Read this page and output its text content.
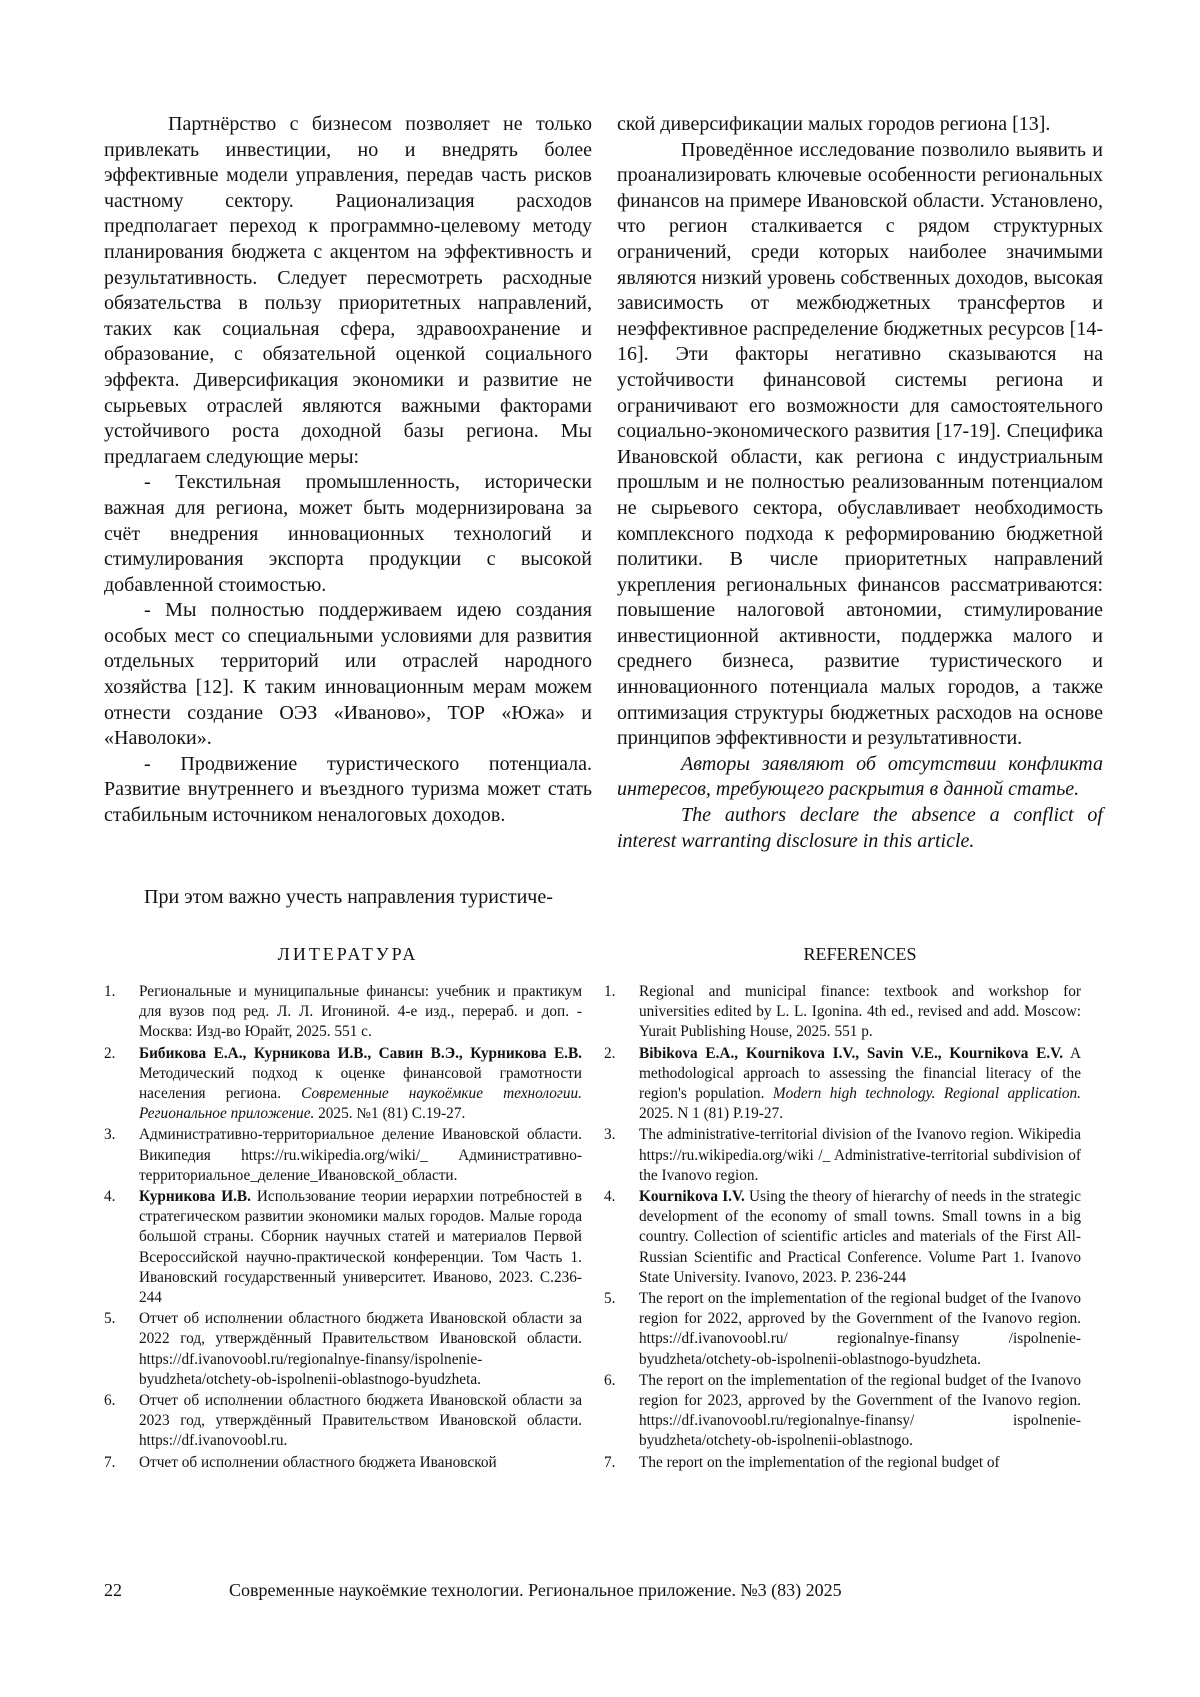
Партнёрство с бизнесом позволяет не только привлекать инвестиции, но и внедрять более эффективные модели управления, передав часть рисков частному сектору. Рационализация расходов предполагает переход к программно-целевому методу планирования бюджета с акцентом на эффективность и результативность. Следует пересмотреть расходные обязательства в пользу приоритетных направлений, таких как социальная сфера, здравоохранение и образование, с обязательной оценкой социального эффекта. Диверсификация экономики и развитие не сырьевых отраслей являются важными факторами устойчивого роста доходной базы региона. Мы предлагаем следующие меры:

- Текстильная промышленность, исторически важная для региона, может быть модернизирована за счёт внедрения инновационных технологий и стимулирования экспорта продукции с высокой добавленной стоимостью.

- Мы полностью поддерживаем идею создания особых мест со специальными условиями для развития отдельных территорий или отраслей народного хозяйства [12]. К таким инновационным мерам можем отнести создание ОЭЗ «Иваново», ТОР «Южа» и «Наволоки».

- Продвижение туристического потенциала. Развитие внутреннего и въездного туризма может стать стабильным источником неналоговых доходов.

При этом важно учесть направления туристиче-

ской диверсификации малых городов региона [13].

Проведённое исследование позволило выявить и проанализировать ключевые особенности региональных финансов на примере Ивановской области. Установлено, что регион сталкивается с рядом структурных ограничений, среди которых наиболее значимыми являются низкий уровень собственных доходов, высокая зависимость от межбюджетных трансфертов и неэффективное распределение бюджетных ресурсов [14-16]. Эти факторы негативно сказываются на устойчивости финансовой системы региона и ограничивают его возможности для самостоятельного социально-экономического развития [17-19]. Специфика Ивановской области, как региона с индустриальным прошлым и не полностью реализованным потенциалом не сырьевого сектора, обуславливает необходимость комплексного подхода к реформированию бюджетной политики. В числе приоритетных направлений укрепления региональных финансов рассматриваются: повышение налоговой автономии, стимулирование инвестиционной активности, поддержка малого и среднего бизнеса, развитие туристического и инновационного потенциала малых городов, а также оптимизация структуры бюджетных расходов на основе принципов эффективности и результативности.

Авторы заявляют об отсутствии конфликта интересов, требующего раскрытия в данной статье.

The authors declare the absence a conflict of interest warranting disclosure in this article.

ЛИТЕРАТУРА	REFERENCES
1. Региональные и муниципальные финансы: учебник и практикум для вузов под ред. Л. Л. Игониной. 4-е изд., перераб. и доп. - Москва: Изд-во Юрайт, 2025. 551 с.
2. Бибикова Е.А., Курникова И.В., Савин В.Э., Курникова Е.В. Методический подход к оценке финансовой грамотности населения региона. Современные наукоёмкие технологии. Региональное приложение. 2025. №1 (81) С.19-27.
3. Административно-территориальное деление Ивановской области. Википедия https://ru.wikipedia.org/wiki/_ Административно-территориальное_деление_Ивановской_области.
4. Курникова И.В. Использование теории иерархии потребностей в стратегическом развитии экономики малых городов. Малые города большой страны. Сборник научных статей и материалов Первой Всероссийской научно-практической конференции. Том Часть 1. Ивановский государственный университет. Иваново, 2023. С.236-244
5. Отчет об исполнении областного бюджета Ивановской области за 2022 год, утверждённый Правительством Ивановской области. https://df.ivanovoobl.ru/regionalnye-finansy/ispolnenie-byudzheta/otchety-ob-ispolnenii-oblastnogo-byudzheta.
6. Отчет об исполнении областного бюджета Ивановской области за 2023 год, утверждённый Правительством Ивановской области. https://df.ivanovoobl.ru.
7. Отчет об исполнении областного бюджета Ивановской
1. Regional and municipal finance: textbook and workshop for universities edited by L. L. Igonina. 4th ed., revised and add. Moscow: Yurait Publishing House, 2025. 551 p.
2. Bibikova E.A., Kournikova I.V., Savin V.E., Kournikova E.V. A methodological approach to assessing the financial literacy of the region's population. Modern high technology. Regional application. 2025. N 1 (81) P.19-27.
3. The administrative-territorial division of the Ivanovo region. Wikipedia https://ru.wikipedia.org/wiki /_ Administrative-territorial subdivision of the Ivanovo region.
4. Kournikova I.V. Using the theory of hierarchy of needs in the strategic development of the economy of small towns. Small towns in a big country. Collection of scientific articles and materials of the First All-Russian Scientific and Practical Conference. Volume Part 1. Ivanovo State University. Ivanovo, 2023. P. 236-244
5. The report on the implementation of the regional budget of the Ivanovo region for 2022, approved by the Government of the Ivanovo region. https://df.ivanovoobl.ru/ regionalnye-finansy /ispolnenie-byudzheta/otchety-ob-ispolnenii-oblastnogo-byudzheta.
6. The report on the implementation of the regional budget of the Ivanovo region for 2023, approved by the Government of the Ivanovo region. https://df.ivanovoobl.ru/regionalnye-finansy/ ispolnenie-byudzheta/otchety-ob-ispolnenii-oblastnogo.
7. The report on the implementation of the regional budget of
22	Современные наукоёмкие технологии. Региональное приложение. №3 (83) 2025
